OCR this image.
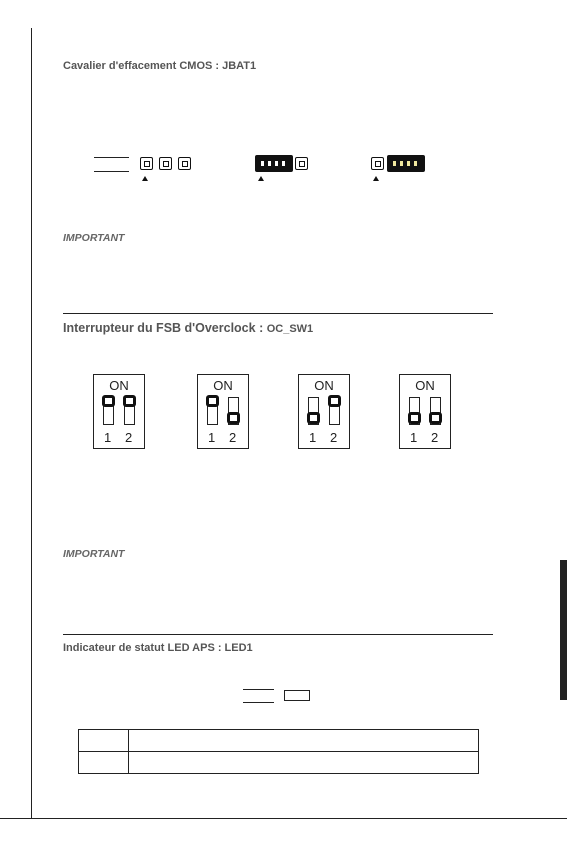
Cavalier d'effacement CMOS : JBAT1
IMPORTANT
Interrupteur du FSB d'Overclock : OC_SW1
ON
1 2
ON
1 2
ON
1 2
ON
1 2
IMPORTANT
Indicateur de statut LED APS : LED1
